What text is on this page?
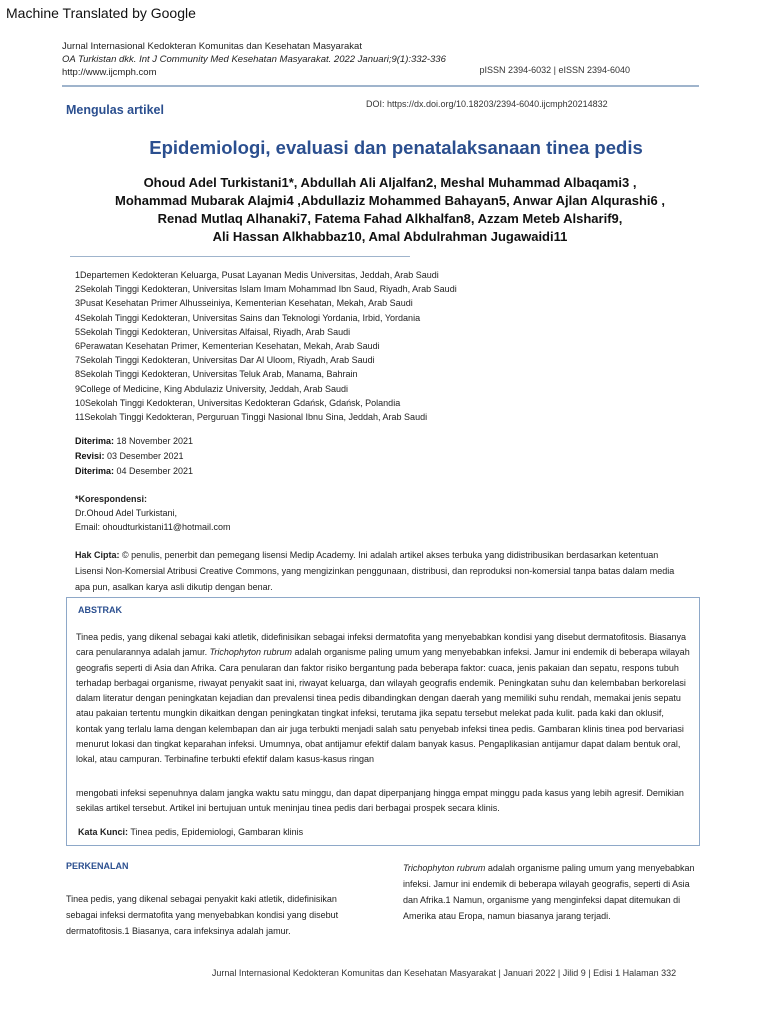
Machine Translated by Google
Jurnal Internasional Kedokteran Komunitas dan Kesehatan Masyarakat
OA Turkistan dkk. Int J Community Med Kesehatan Masyarakat. 2022 Januari;9(1):332-336
http://www.ijcmph.com	pISSN 2394-6032 | eISSN 2394-6040
Mengulas artikel	DOI: https://dx.doi.org/10.18203/2394-6040.ijcmph20214832
Epidemiologi, evaluasi dan penatalaksanaan tinea pedis
Ohoud Adel Turkistani1*, Abdullah Ali Aljalfan2, Meshal Muhammad Albaqami3 ,
Mohammad Mubarak Alajmi4 ,Abdullaziz Mohammed Bahayan5, Anwar Ajlan Alqurashi6 ,
Renad Mutlaq Alhanaki7, Fatema Fahad Alkhalfan8, Azzam Meteb Alsharif9,
Ali Hassan Alkhabbaz10, Amal Abdulrahman Jugawaidi11
1Departemen Kedokteran Keluarga, Pusat Layanan Medis Universitas, Jeddah, Arab Saudi
2Sekolah Tinggi Kedokteran, Universitas Islam Imam Mohammad Ibn Saud, Riyadh, Arab Saudi
3Pusat Kesehatan Primer Alhusseiniya, Kementerian Kesehatan, Mekah, Arab Saudi
4Sekolah Tinggi Kedokteran, Universitas Sains dan Teknologi Yordania, Irbid, Yordania
5Sekolah Tinggi Kedokteran, Universitas Alfaisal, Riyadh, Arab Saudi
6Perawatan Kesehatan Primer, Kementerian Kesehatan, Mekah, Arab Saudi
7Sekolah Tinggi Kedokteran, Universitas Dar Al Uloom, Riyadh, Arab Saudi
8Sekolah Tinggi Kedokteran, Universitas Teluk Arab, Manama, Bahrain
9College of Medicine, King Abdulaziz University, Jeddah, Arab Saudi
10Sekolah Tinggi Kedokteran, Universitas Kedokteran Gdańsk, Gdańsk, Polandia
11Sekolah Tinggi Kedokteran, Perguruan Tinggi Nasional Ibnu Sina, Jeddah, Arab Saudi
Diterima: 18 November 2021
Revisi: 03 Desember 2021
Diterima: 04 Desember 2021
*Korespondensi:
Dr.Ohoud Adel Turkistani,
Email: ohoudturkistani11@hotmail.com
Hak Cipta: © penulis, penerbit dan pemegang lisensi Medip Academy. Ini adalah artikel akses terbuka yang didistribusikan berdasarkan ketentuan Lisensi Non-Komersial Atribusi Creative Commons, yang mengizinkan penggunaan, distribusi, dan reproduksi non-komersial tanpa batas dalam media apa pun, asalkan karya asli dikutip dengan benar.
ABSTRAK
Tinea pedis, yang dikenal sebagai kaki atletik, didefinisikan sebagai infeksi dermatofita yang menyebabkan kondisi yang disebut dermatofitosis. Biasanya cara penularannya adalah jamur. Trichophyton rubrum adalah organisme paling umum yang menyebabkan infeksi. Jamur ini endemik di beberapa wilayah geografis seperti di Asia dan Afrika. Cara penularan dan faktor risiko bergantung pada beberapa faktor: cuaca, jenis pakaian dan sepatu, respons tubuh terhadap berbagai organisme, riwayat penyakit saat ini, riwayat keluarga, dan wilayah geografis endemik. Peningkatan suhu dan kelembaban berkorelasi dalam literatur dengan peningkatan kejadian dan prevalensi tinea pedis dibandingkan dengan daerah yang memiliki suhu rendah, memakai jenis sepatu atau pakaian tertentu mungkin dikaitkan dengan peningkatan tingkat infeksi, terutama jika sepatu tersebut melekat pada kulit. pada kaki dan oklusif, kontak yang terlalu lama dengan kelembapan dan air juga terbukti menjadi salah satu penyebab infeksi tinea pedis. Gambaran klinis tinea pod bervariasi menurut lokasi dan tingkat keparahan infeksi. Umumnya, obat antijamur efektif dalam banyak kasus. Pengaplikasian antijamur dapat dalam bentuk oral, lokal, atau campuran. Terbinafine terbukti efektif dalam kasus-kasus ringan
mengobati infeksi sepenuhnya dalam jangka waktu satu minggu, dan dapat diperpanjang hingga empat minggu pada kasus yang lebih agresif. Demikian sekilas artikel tersebut. Artikel ini bertujuan untuk meninjau tinea pedis dari berbagai prospek secara klinis.
Kata Kunci: Tinea pedis, Epidemiologi, Gambaran klinis
PERKENALAN
Tinea pedis, yang dikenal sebagai penyakit kaki atletik, didefinisikan sebagai infeksi dermatofita yang menyebabkan kondisi yang disebut dermatofitosis.1 Biasanya, cara infeksinya adalah jamur.
Trichophyton rubrum adalah organisme paling umum yang menyebabkan infeksi. Jamur ini endemik di beberapa wilayah geografis, seperti di Asia dan Afrika.1 Namun, organisme yang menginfeksi dapat ditemukan di Amerika atau Eropa, namun biasanya jarang terjadi.
Jurnal Internasional Kedokteran Komunitas dan Kesehatan Masyarakat | Januari 2022 | Jilid 9 | Edisi 1 Halaman 332
